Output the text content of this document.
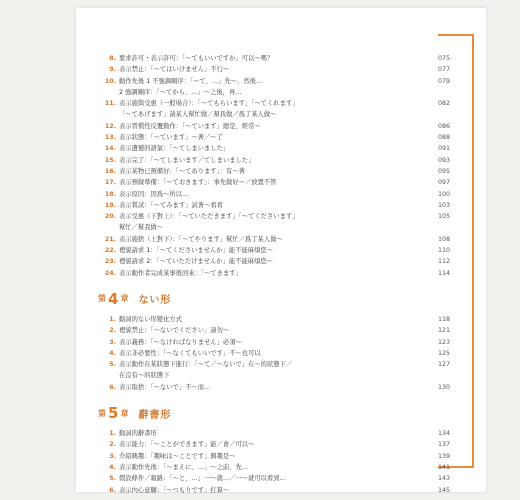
8. 要求許可・表示許可：「〜てもいいですか」可以〜嗎？	075
9. 表示禁止：「〜てはいけません」不行〜	077
10. 動作先後 1 不強調順序：「〜て、…」先〜，然後…	079
2 強調順序：「〜てから、…」〜之後，再…
11. 表示施與受惠（一般場合）：「〜てもらいます」「〜てくれます」	082
「〜てあげます」請某人幫忙做／幫我做／爲了某人做〜
12. 表示習慣性反覆動作：「〜ています」總是、經常〜	086
13. 表示狀態：「〜ています」〜著／〜了	088
14. 表示遺憾的語氣：「〜てしまいました」	091
15. 表示完了：「〜てしまいます／てしまいました」	093
16. 表示某物已預備好：「〜てあります」：有〜著	095
17. 表示預做準備：「〜ておきます」：事先做好〜／放置不管	097
18. 表示原因：因爲〜所以…	100
19. 表示嘗試：「〜てみます」試著〜看看	103
20. 表示受惠（下對上）：「〜ていただきます」「〜てくださいます」	105
幫忙／幫我做〜
21. 表示施捨（上對下）：「〜てやります」幫忙／爲了某人做〜	108
22. 禮貌請求 1：「〜てくださいませんか」能不能麻煩您〜	110
23. 禮貌請求 2：「〜ていただけませんか」能不能麻煩您〜	112
24. 表示動作者完成某事後回來：「〜てきます」	114
第 4 章 ない形
1. 動詞的ない形變化方式	118
2. 禮貌禁止：「〜ないでください」請勿〜	121
3. 表示義務：「〜なければなりません」必須〜	123
4. 表示非必要性：「〜なくてもいいです」不〜也可以	125
5. 表示動作在某狀態下進行：「〜て／〜ないで」在〜的狀態下／	127
在沒有〜的狀態下
6. 表示取捨：「〜ないで」不〜而…	130
第 5 章 辭書形
1. 動詞的辭書形	134
2. 表示能力：「〜ことができます」能／會／可以〜	137
3. 介紹興趣：「趣味は〜ことです」興趣是〜	139
4. 表示動作先後：「〜まえに、…」〜之前，先…	141
5. 假設條件／報路：「〜と、…」一〜就…／一〜就可以看到…	143
6. 表示內心意願：「〜つもりです」打算〜	145
